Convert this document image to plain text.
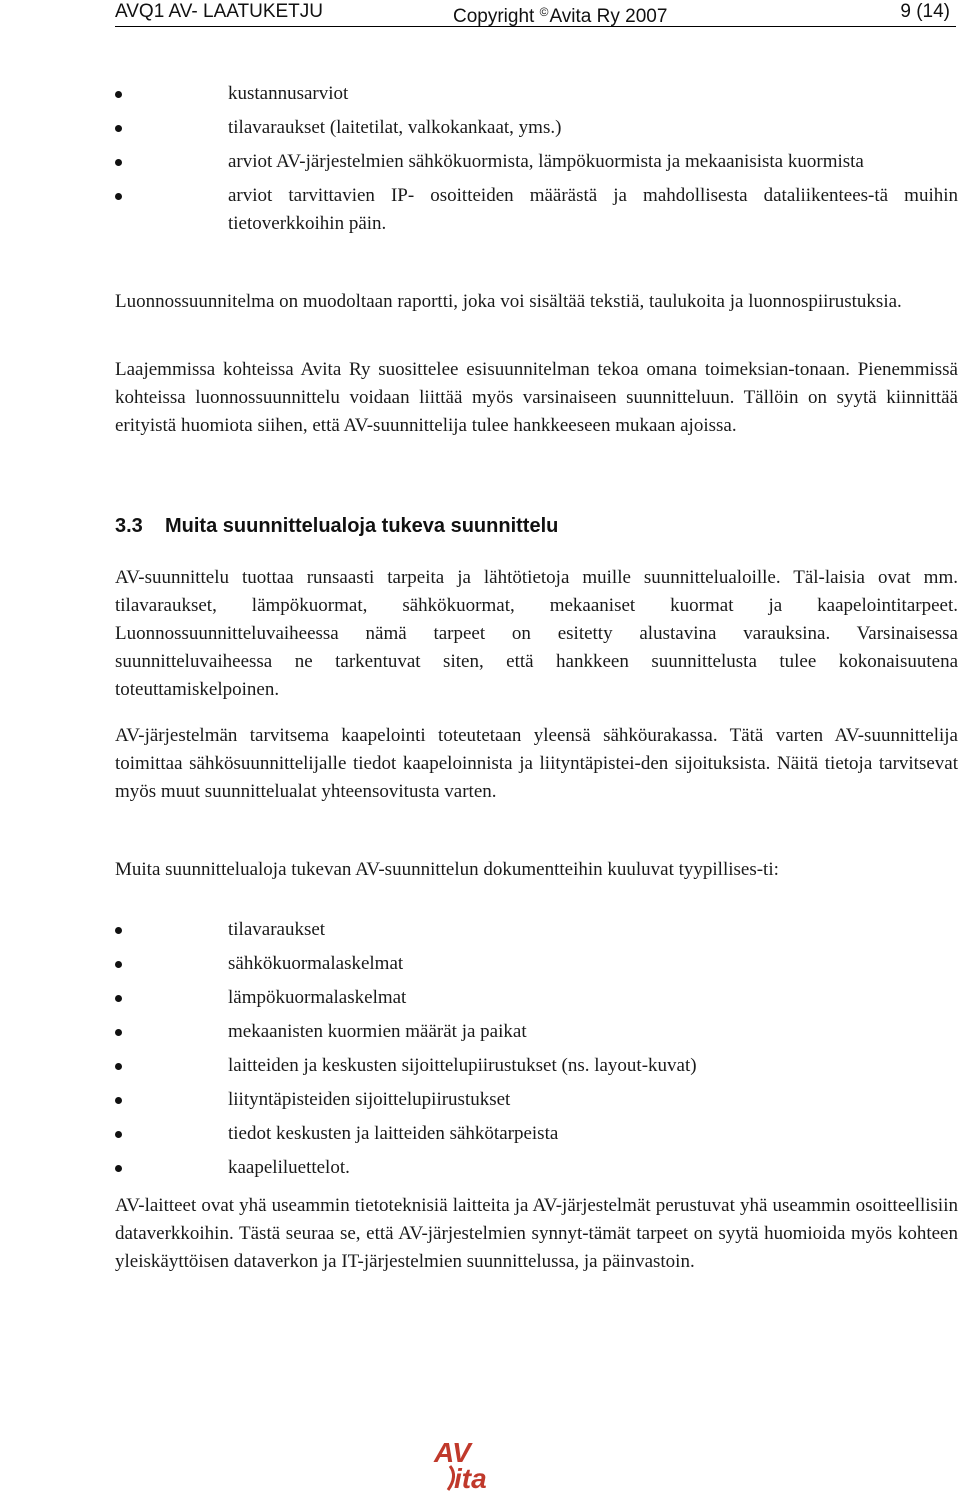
AVQ1 AV- LAATUKETJU	Copyright ©Avita Ry 2007	9 (14)
kustannusarviot
tilavaraukset (laitetilat, valkokankaat, yms.)
arviot AV-järjestelmien sähkökuormista, lämpökuormista ja mekaanisista kuormista
arviot tarvittavien IP- osoitteiden määrästä ja mahdollisesta dataliikentees-tä muihin tietoverkkoihin päin.

Luonnossuunnitelma on muodoltaan raportti, joka voi sisältää tekstiä, taulukoita ja luonnospiirustuksia.

Laajemmissa kohteissa Avita Ry suosittelee esisuunnitelman tekoa omana toimeksian-tonaan. Pienemmissä kohteissa luonnossuunnittelu voidaan liittää myös varsinaiseen suunnitteluun. Tällöin on syytä kiinnittää erityistä huomiota siihen, että AV-suunnittelija tulee hankkeeseen mukaan ajoissa.

3.3 Muita suunnittelualoja tukeva suunnittelu

AV-suunnittelu tuottaa runsaasti tarpeita ja lähtötietoja muille suunnittelualoille. Täl-laisia ovat mm. tilavaraukset, lämpökuormat, sähkökuormat, mekaaniset kuormat ja kaapelointitarpeet. Luonnossuunnitteluvaiheessa nämä tarpeet on esitetty alustavina varauksina. Varsinaisessa suunnitteluvaiheessa ne tarkentuvat siten, että hankkeen suunnittelusta tulee kokonaisuutena toteuttamiskelpoinen.

AV-järjestelmän tarvitsema kaapelointi toteutetaan yleensä sähköurakassa. Tätä varten AV-suunnittelija toimittaa sähkösuunnittelijalle tiedot kaapeloinnista ja liityntäpistei-den sijoituksista. Näitä tietoja tarvitsevat myös muut suunnittelualat yhteensovitusta varten.

Muita suunnittelualoja tukevan AV-suunnittelun dokumentteihin kuuluvat tyypillises-ti:

tilavaraukset
sähkökuormalaskelmat
lämpökuormalaskelmat
mekaanisten kuormien määrät ja paikat
laitteiden ja keskusten sijoittelupiirustukset (ns. layout-kuvat)
liityntäpisteiden sijoittelupiirustukset
tiedot keskusten ja laitteiden sähkötarpeista
kaapeliluettelot.

AV-laitteet ovat yhä useammin tietoteknisiä laitteita ja AV-järjestelmät perustuvat yhä useammin osoitteellisiin dataverkkoihin. Tästä seuraa se, että AV-järjestelmien synnyt-tämät tarpeet on syytä huomioida myös kohteen yleiskäyttöisen dataverkon ja IT-järjestelmien suunnittelussa, ja päinvastoin.

AV
ita
